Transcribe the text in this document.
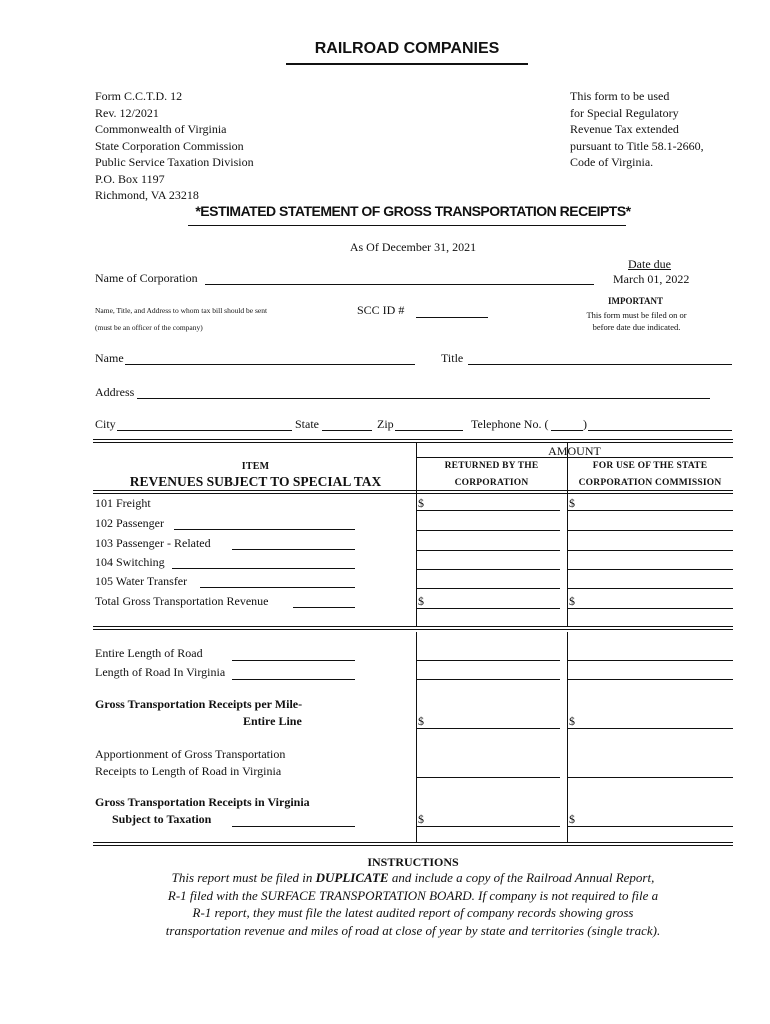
RAILROAD COMPANIES
Form C.C.T.D. 12
Rev. 12/2021
Commonwealth of Virginia
State Corporation Commission
Public Service Taxation Division
P.O. Box 1197
Richmond, VA 23218
This form to be used
for Special Regulatory
Revenue Tax extended
pursuant to Title 58.1-2660,
Code of Virginia.
*ESTIMATED STATEMENT OF GROSS TRANSPORTATION RECEIPTS*
As Of December 31, 2021
Date due
March 01, 2022
Name of Corporation
Name, Title, and Address to whom tax bill should be sent
(must be an officer of the company)
SCC ID #
IMPORTANT
This form must be filed on or
before date due indicated.
Name	Title
Address
City	State	Zip	Telephone No. (	)
AMOUNT
ITEM
REVENUES SUBJECT TO SPECIAL TAX
RETURNED BY THE
CORPORATION
FOR USE OF THE STATE
CORPORATION COMMISSION
101 Freight	$	$
102 Passenger
103 Passenger - Related
104 Switching
105 Water Transfer
Total Gross Transportation Revenue	$	$
Entire Length of Road
Length of Road In Virginia
Gross Transportation Receipts per Mile-
Entire Line	$	$
Apportionment of Gross Transportation
Receipts to Length of Road in Virginia
Gross Transportation Receipts in Virginia
Subject to Taxation	$	$
INSTRUCTIONS
This report must be filed in DUPLICATE and include a copy of the Railroad Annual Report,
R-1 filed with the SURFACE TRANSPORTATION BOARD. If company is not required to file a
R-1 report, they must file the latest audited report of company records showing gross
transportation revenue and miles of road at close of year by state and territories (single track).
